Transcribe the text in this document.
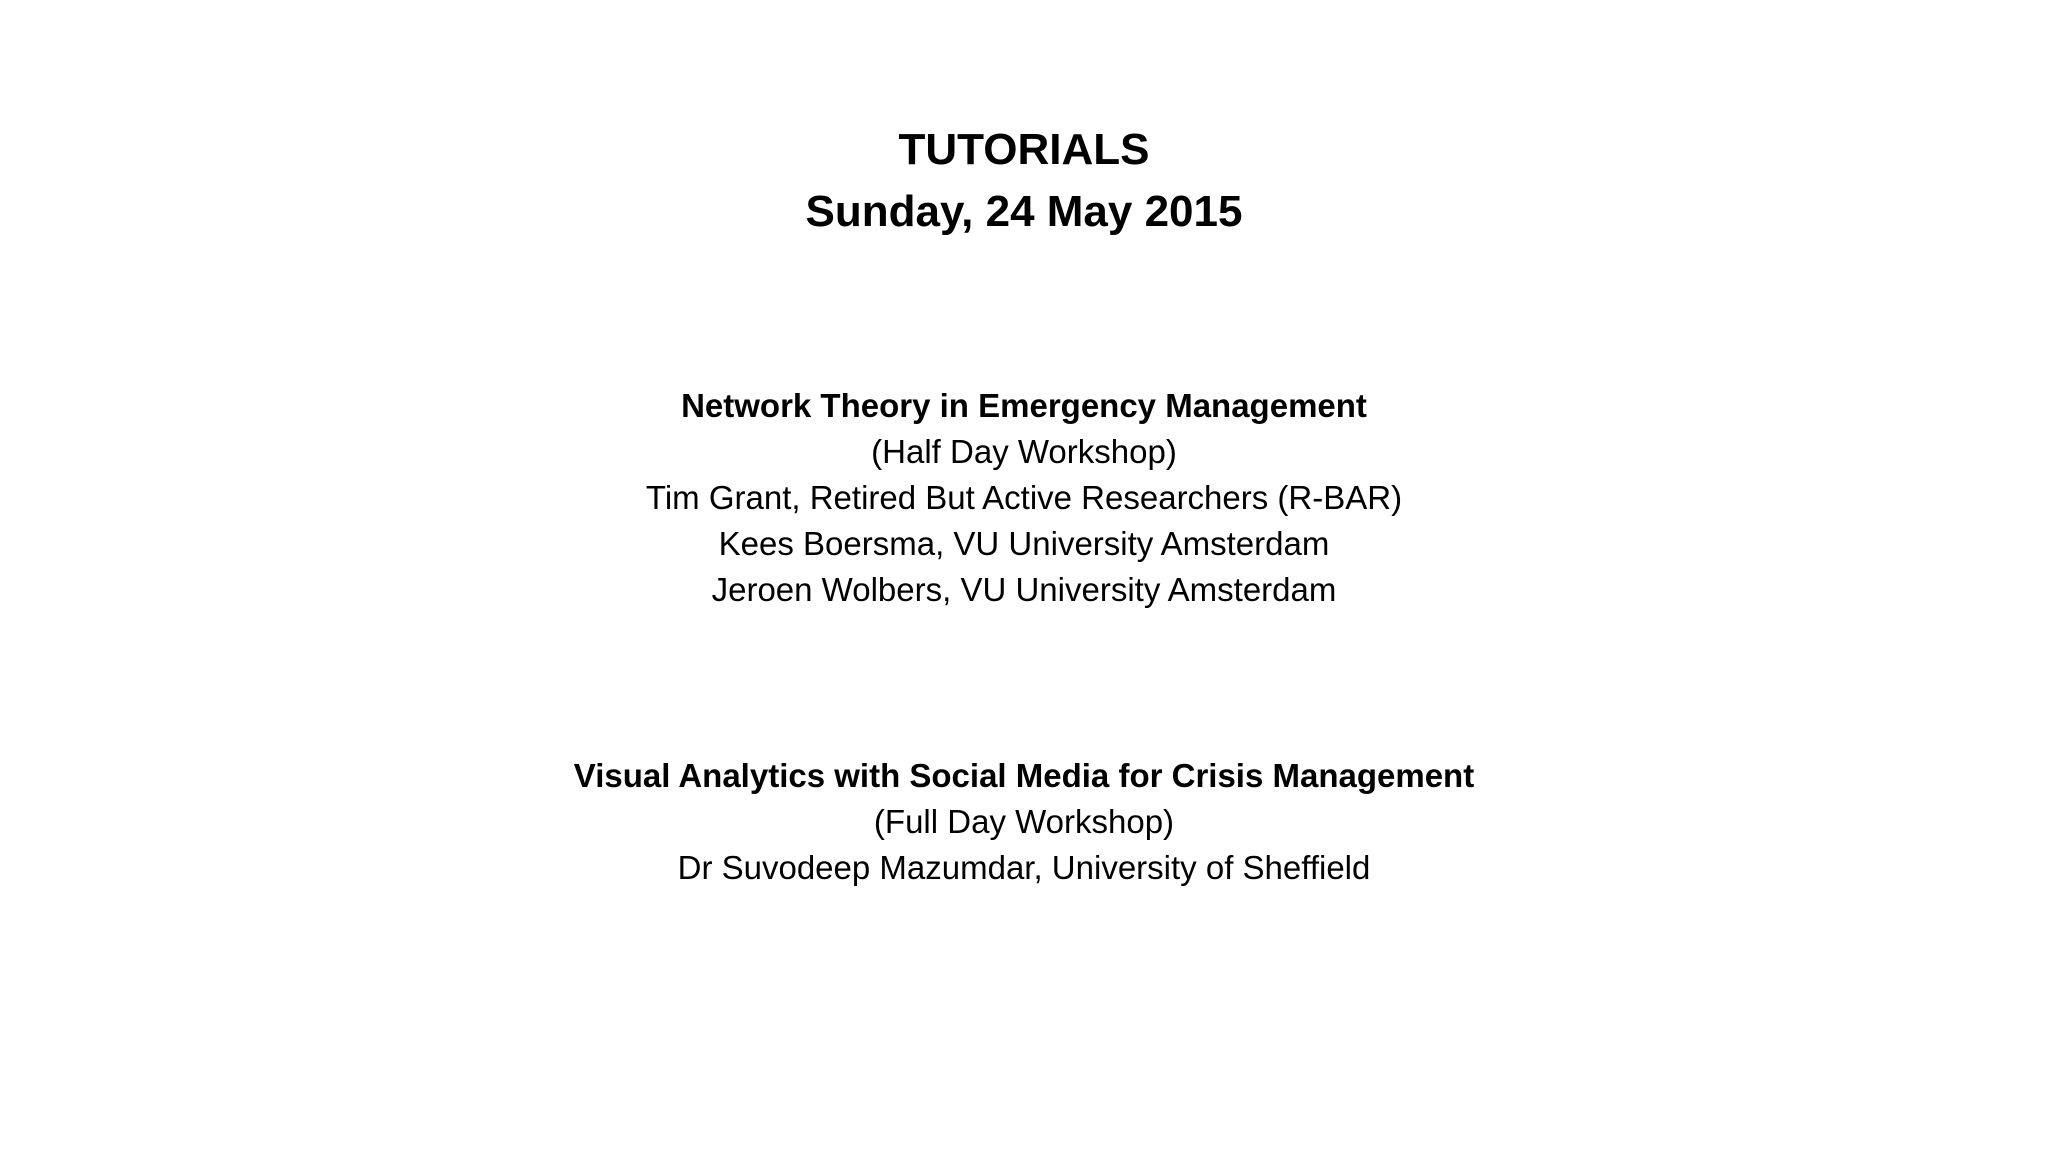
TUTORIALS
Sunday, 24 May 2015
Network Theory in Emergency Management
(Half Day Workshop)
Tim Grant, Retired But Active Researchers (R-BAR)
Kees Boersma, VU University Amsterdam
Jeroen Wolbers, VU University Amsterdam
Visual Analytics with Social Media for Crisis Management
(Full Day Workshop)
Dr Suvodeep Mazumdar, University of Sheffield
